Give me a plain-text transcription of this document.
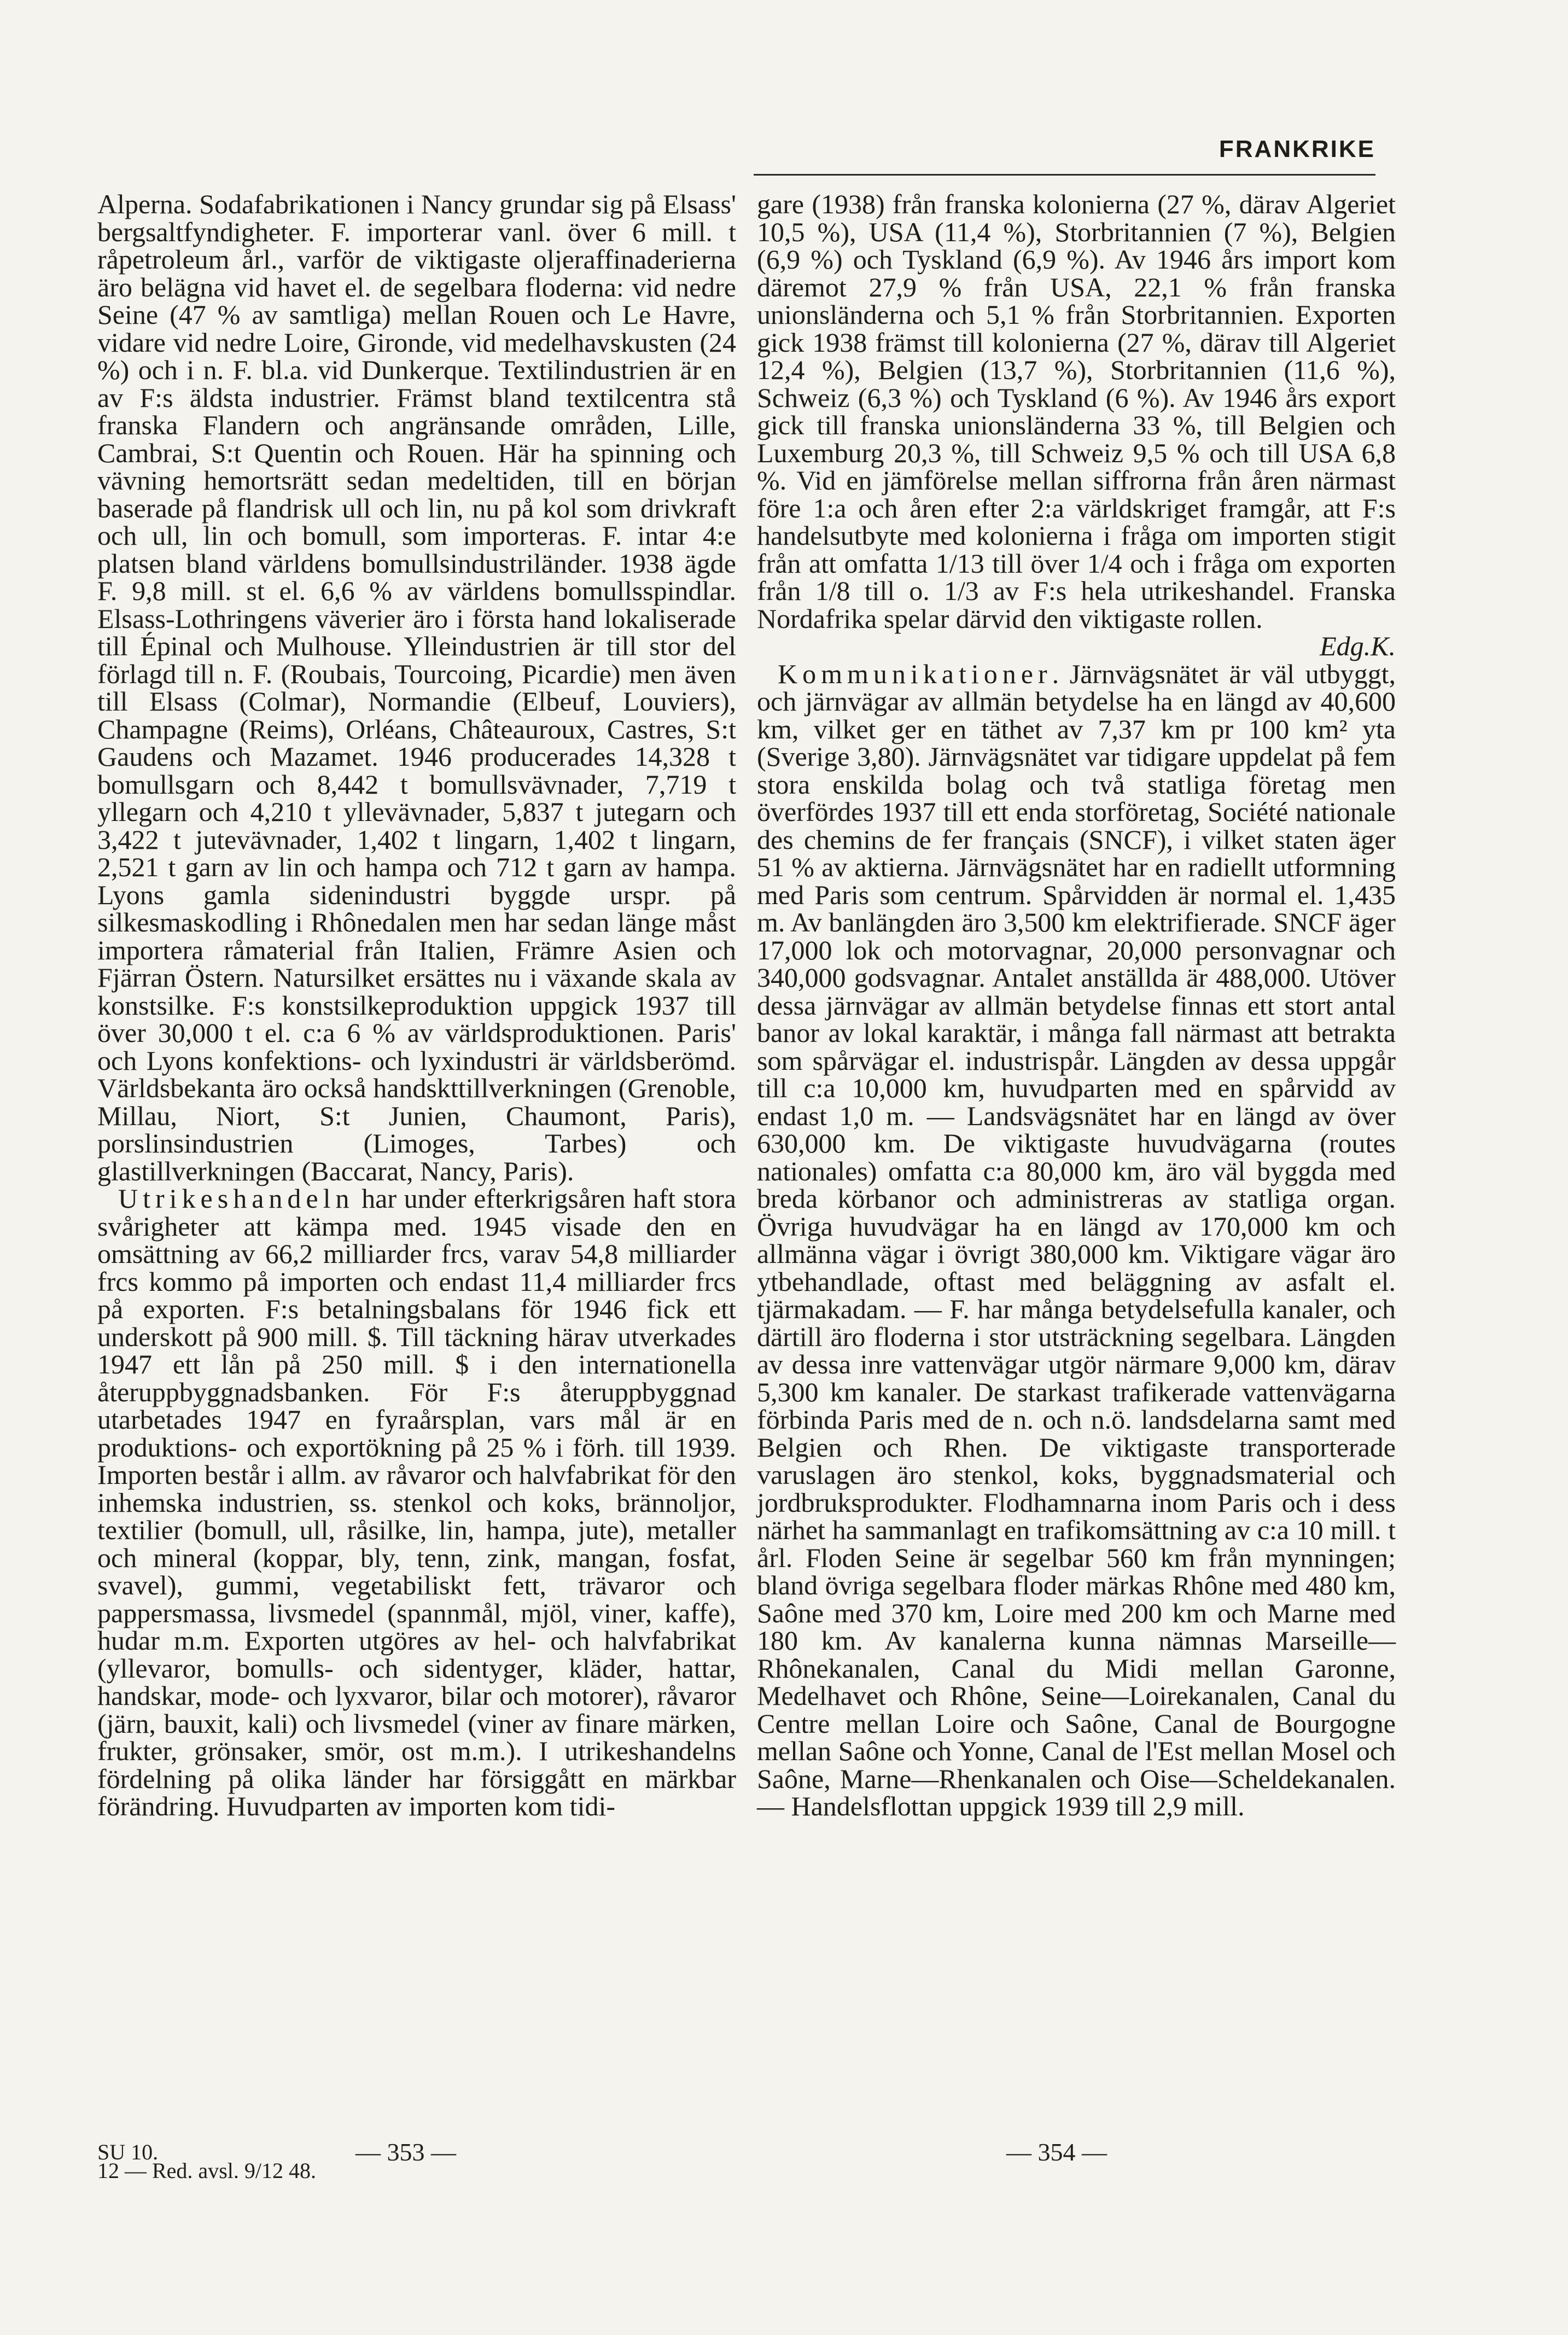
FRANKRIKE

Alperna. Sodafabrikationen i Nancy grundar sig på Elsass' bergsaltfyndigheter. F. importerar vanl. över 6 mill. t råpetroleum årl., varför de viktigaste oljeraffinaderierna äro belägna vid havet el. de segelbara floderna: vid nedre Seine (47 % av samtliga) mellan Rouen och Le Havre, vidare vid nedre Loire, Gironde, vid medelhavskusten (24 %) och i n. F. bl.a. vid Dunkerque. Textilindustrien är en av F:s äldsta industrier. Främst bland textilcentra stå franska Flandern och angränsande områden, Lille, Cambrai, S:t Quentin och Rouen. Här ha spinning och vävning hemortsrätt sedan medeltiden, till en början baserade på flandrisk ull och lin, nu på kol som drivkraft och ull, lin och bomull, som importeras. F. intar 4:e platsen bland världens bomullsindustriländer. 1938 ägde F. 9,8 mill. st el. 6,6 % av världens bomullsspindlar. Elsass-Lothringens väverier äro i första hand lokaliserade till Épinal och Mulhouse. Ylleindustrien är till stor del förlagd till n. F. (Roubais, Tourcoing, Picardie) men även till Elsass (Colmar), Normandie (Elbeuf, Louviers), Champagne (Reims), Orléans, Châteauroux, Castres, S:t Gaudens och Mazamet. 1946 producerades 14,328 t bomullsgarn och 8,442 t bomullsvävnader, 7,719 t yllegarn och 4,210 t yllevävnader, 5,837 t jutegarn och 3,422 t jutevävnader, 1,402 t lingarn, 1,402 t lingarn, 2,521 t garn av lin och hampa och 712 t garn av hampa. Lyons gamla sidenindustri byggde urspr. på silkesmaskodling i Rhônedalen men har sedan länge måst importera råmaterial från Italien, Främre Asien och Fjärran Östern. Natursilket ersättes nu i växande skala av konstsilke. F:s konstsilkeproduktion uppgick 1937 till över 30,000 t el. c:a 6 % av världsproduktionen. Paris' och Lyons konfektions- och lyxindustri är världsberömd. Världsbekanta äro också handskttillverkningen (Grenoble, Millau, Niort, S:t Junien, Chaumont, Paris), porslinsindustrien (Limoges, Tarbes) och glastillverkningen (Baccarat, Nancy, Paris).

Utrikeshandeln har under efterkrigsåren haft stora svårigheter att kämpa med. 1945 visade den en omsättning av 66,2 milliarder frcs, varav 54,8 milliarder frcs kommo på importen och endast 11,4 milliarder frcs på exporten. F:s betalningsbalans för 1946 fick ett underskott på 900 mill. $. Till täckning härav utverkades 1947 ett lån på 250 mill. $ i den internationella återuppbyggnadsbanken. För F:s återuppbyggnad utarbetades 1947 en fyraårsplan, vars mål är en produktions- och exportökning på 25 % i förh. till 1939. Importen består i allm. av råvaror och halvfabrikat för den inhemska industrien, ss. stenkol och koks, brännoljor, textilier (bomull, ull, råsilke, lin, hampa, jute), metaller och mineral (koppar, bly, tenn, zink, mangan, fosfat, svavel), gummi, vegetabiliskt fett, trävaror och pappersmassa, livsmedel (spannmål, mjöl, viner, kaffe), hudar m.m. Exporten utgöres av hel- och halvfabrikat (yllevaror, bomulls- och sidentyger, kläder, hattar, handskar, mode- och lyxvaror, bilar och motorer), råvaror (järn, bauxit, kali) och livsmedel (viner av finare märken, frukter, grönsaker, smör, ost m.m.). I utrikeshandelns fördelning på olika länder har försiggått en märkbar förändring. Huvudparten av importen kom tidi-

gare (1938) från franska kolonierna (27 %, därav Algeriet 10,5 %), USA (11,4 %), Storbritannien (7 %), Belgien (6,9 %) och Tyskland (6,9 %). Av 1946 års import kom däremot 27,9 % från USA, 22,1 % från franska unionsländerna och 5,1 % från Storbritannien. Exporten gick 1938 främst till kolonierna (27 %, därav till Algeriet 12,4 %), Belgien (13,7 %), Storbritannien (11,6 %), Schweiz (6,3 %) och Tyskland (6 %). Av 1946 års export gick till franska unionsländerna 33 %, till Belgien och Luxemburg 20,3 %, till Schweiz 9,5 % och till USA 6,8 %. Vid en jämförelse mellan siffrorna från åren närmast före 1:a och åren efter 2:a världskriget framgår, att F:s handelsutbyte med kolonierna i fråga om importen stigit från att omfatta 1/13 till över 1/4 och i fråga om exporten från 1/8 till o. 1/3 av F:s hela utrikeshandel. Franska Nordafrika spelar därvid den viktigaste rollen.
Edg.K.

Kommunikationer. Järnvägsnätet är väl utbyggt, och järnvägar av allmän betydelse ha en längd av 40,600 km, vilket ger en täthet av 7,37 km pr 100 km² yta (Sverige 3,80). Järnvägsnätet var tidigare uppdelat på fem stora enskilda bolag och två statliga företag men överfördes 1937 till ett enda storföretag, Société nationale des chemins de fer français (SNCF), i vilket staten äger 51 % av aktierna. Järnvägsnätet har en radiellt utformning med Paris som centrum. Spårvidden är normal el. 1,435 m. Av banlängden äro 3,500 km elektrifierade. SNCF äger 17,000 lok och motorvagnar, 20,000 personvagnar och 340,000 godsvagnar. Antalet anställda är 488,000. Utöver dessa järnvägar av allmän betydelse finnas ett stort antal banor av lokal karaktär, i många fall närmast att betrakta som spårvägar el. industrispår. Längden av dessa uppgår till c:a 10,000 km, huvudparten med en spårvidd av endast 1,0 m. — Landsvägsnätet har en längd av över 630,000 km. De viktigaste huvudvägarna (routes nationales) omfatta c:a 80,000 km, äro väl byggda med breda körbanor och administreras av statliga organ. Övriga huvudvägar ha en längd av 170,000 km och allmänna vägar i övrigt 380,000 km. Viktigare vägar äro ytbehandlade, oftast med beläggning av asfalt el. tjärmakadam. — F. har många betydelsefulla kanaler, och därtill äro floderna i stor utsträckning segelbara. Längden av dessa inre vattenvägar utgör närmare 9,000 km, därav 5,300 km kanaler. De starkast trafikerade vattenvägarna förbinda Paris med de n. och n.ö. landsdelarna samt med Belgien och Rhen. De viktigaste transporterade varuslagen äro stenkol, koks, byggnadsmaterial och jordbruksprodukter. Flodhamnarna inom Paris och i dess närhet ha sammanlagt en trafikomsättning av c:a 10 mill. t årl. Floden Seine är segelbar 560 km från mynningen; bland övriga segelbara floder märkas Rhône med 480 km, Saône med 370 km, Loire med 200 km och Marne med 180 km. Av kanalerna kunna nämnas Marseille—Rhônekanalen, Canal du Midi mellan Garonne, Medelhavet och Rhône, Seine—Loirekanalen, Canal du Centre mellan Loire och Saône, Canal de Bourgogne mellan Saône och Yonne, Canal de l'Est mellan Mosel och Saône, Marne—Rhenkanalen och Oise—Scheldekanalen. — Handelsflottan uppgick 1939 till 2,9 mill.

SU 10.
12 — Red. avsl. 9/12 48.
— 353 —	— 354 —
